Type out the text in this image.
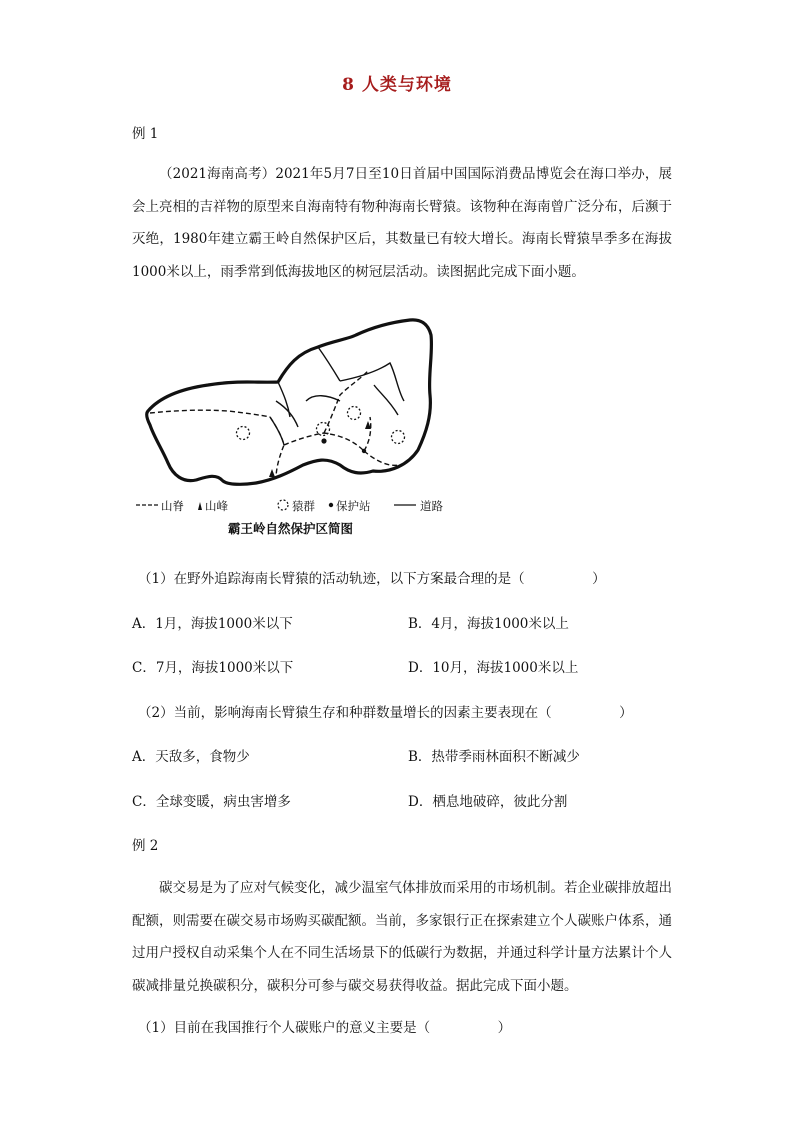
8 人类与环境
例 1

（2021海南高考）2021年5月7日至10日首届中国国际消费品博览会在海口举办，展会上亮相的吉祥物的原型来自海南特有物种海南长臂猿。该物种在海南曾广泛分布，后濒于灭绝，1980年建立霸王岭自然保护区后，其数量已有较大增长。海南长臂猿旱季多在海拔1000米以上，雨季常到低海拔地区的树冠层活动。读图据此完成下面小题。

山脊 山峰	猿群 保护站	道路
霸王岭自然保护区简图
（1）在野外追踪海南长臂猿的活动轨迹，以下方案最合理的是（　　　　　）
A．1月，海拔1000米以下	B．4月，海拔1000米以上
C．7月，海拔1000米以下	D．10月，海拔1000米以上
（2）当前，影响海南长臂猿生存和种群数量增长的因素主要表现在（　　　　　）
A．天敌多，食物少	B．热带季雨林面积不断减少
C．全球变暖，病虫害增多	D．栖息地破碎，彼此分割
例 2

碳交易是为了应对气候变化，减少温室气体排放而采用的市场机制。若企业碳排放超出配额，则需要在碳交易市场购买碳配额。当前，多家银行正在探索建立个人碳账户体系，通过用户授权自动采集个人在不同生活场景下的低碳行为数据，并通过科学计量方法累计个人碳减排量兑换碳积分，碳积分可参与碳交易获得收益。据此完成下面小题。

（1）目前在我国推行个人碳账户的意义主要是（　　　　　）
